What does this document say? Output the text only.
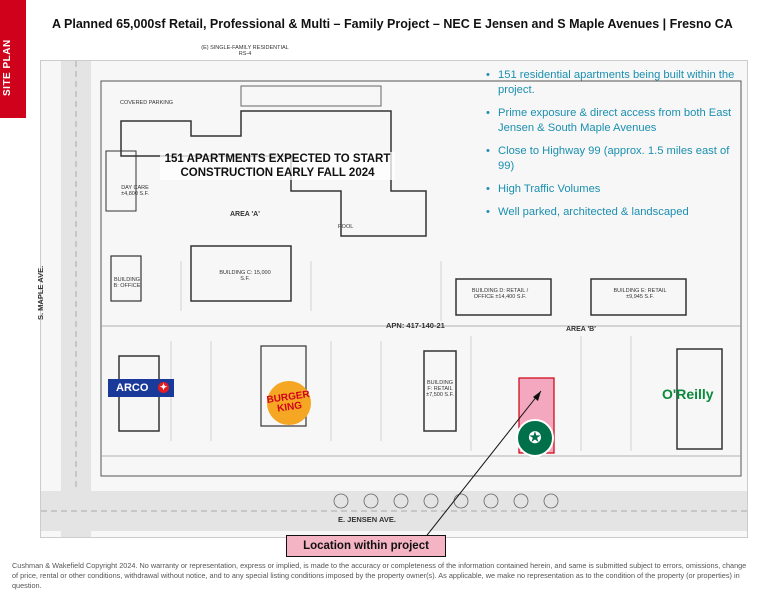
SITE PLAN
A Planned 65,000sf Retail, Professional & Multi – Family Project – NEC E Jensen and S Maple Avenues | Fresno CA
(E) SINGLE-FAMILY RESIDENTIAL RS-4
AREA 'A'
AREA 'B'
APN: 417-140-21
S. MAPLE AVE.
E. JENSEN AVE.
BUILDING C: 15,000 S.F.
BUILDING D: RETAIL / OFFICE ±14,400 S.F.
BUILDING E: RETAIL ±9,945 S.F.
DAY CARE ±4,800 S.F.
BUILDING B: OFFICE
BUILDING F: RETAIL ±7,500 S.F.
POOL
COVERED PARKING
151 APARTMENTS EXPECTED TO START CONSTRUCTION EARLY FALL 2024
• 151 residential apartments being built within the project.
• Prime exposure & direct access from both East Jensen & South Maple Avenues
• Close to Highway 99 (approx. 1.5 miles east of 99)
• High Traffic Volumes
• Well parked, architected & landscaped
ARCO ✦
BURGER KING
✪
O'Reilly
Location within project
Cushman & Wakefield Copyright 2024. No warranty or representation, express or implied, is made to the accuracy or completeness of the information contained herein, and same is submitted subject to errors, omissions, change of price, rental or other conditions, withdrawal without notice, and to any special listing conditions imposed by the property owner(s). As applicable, we make no representation as to the condition of the property (or properties) in question.
